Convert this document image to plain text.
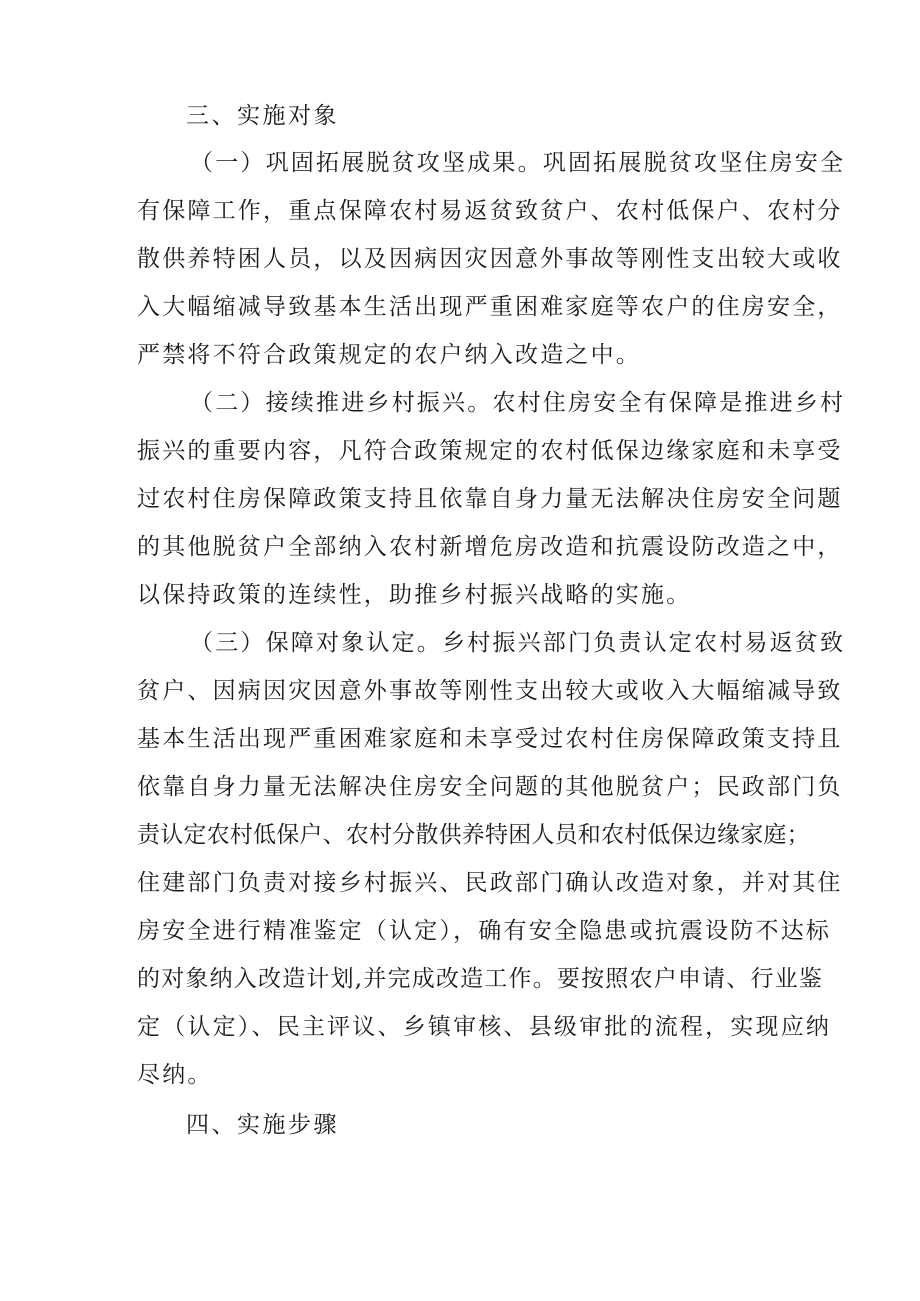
三、实施对象
（一）巩固拓展脱贫攻坚成果。巩固拓展脱贫攻坚住房安全
有保障工作，重点保障农村易返贫致贫户、农村低保户、农村分
散供养特困人员，以及因病因灾因意外事故等刚性支出较大或收
入大幅缩减导致基本生活出现严重困难家庭等农户的住房安全，
严禁将不符合政策规定的农户纳入改造之中。
（二）接续推进乡村振兴。农村住房安全有保障是推进乡村
振兴的重要内容，凡符合政策规定的农村低保边缘家庭和未享受
过农村住房保障政策支持且依靠自身力量无法解决住房安全问题
的其他脱贫户全部纳入农村新增危房改造和抗震设防改造之中，
以保持政策的连续性，助推乡村振兴战略的实施。
（三）保障对象认定。乡村振兴部门负责认定农村易返贫致
贫户、因病因灾因意外事故等刚性支出较大或收入大幅缩减导致
基本生活出现严重困难家庭和未享受过农村住房保障政策支持且
依靠自身力量无法解决住房安全问题的其他脱贫户；民政部门负
责认定农村低保户、农村分散供养特困人员和农村低保边缘家庭；
住建部门负责对接乡村振兴、民政部门确认改造对象，并对其住
房安全进行精准鉴定（认定），确有安全隐患或抗震设防不达标
的对象纳入改造计划,并完成改造工作。要按照农户申请、行业鉴
定（认定）、民主评议、乡镇审核、县级审批的流程，实现应纳
尽纳。
四、实施步骤
